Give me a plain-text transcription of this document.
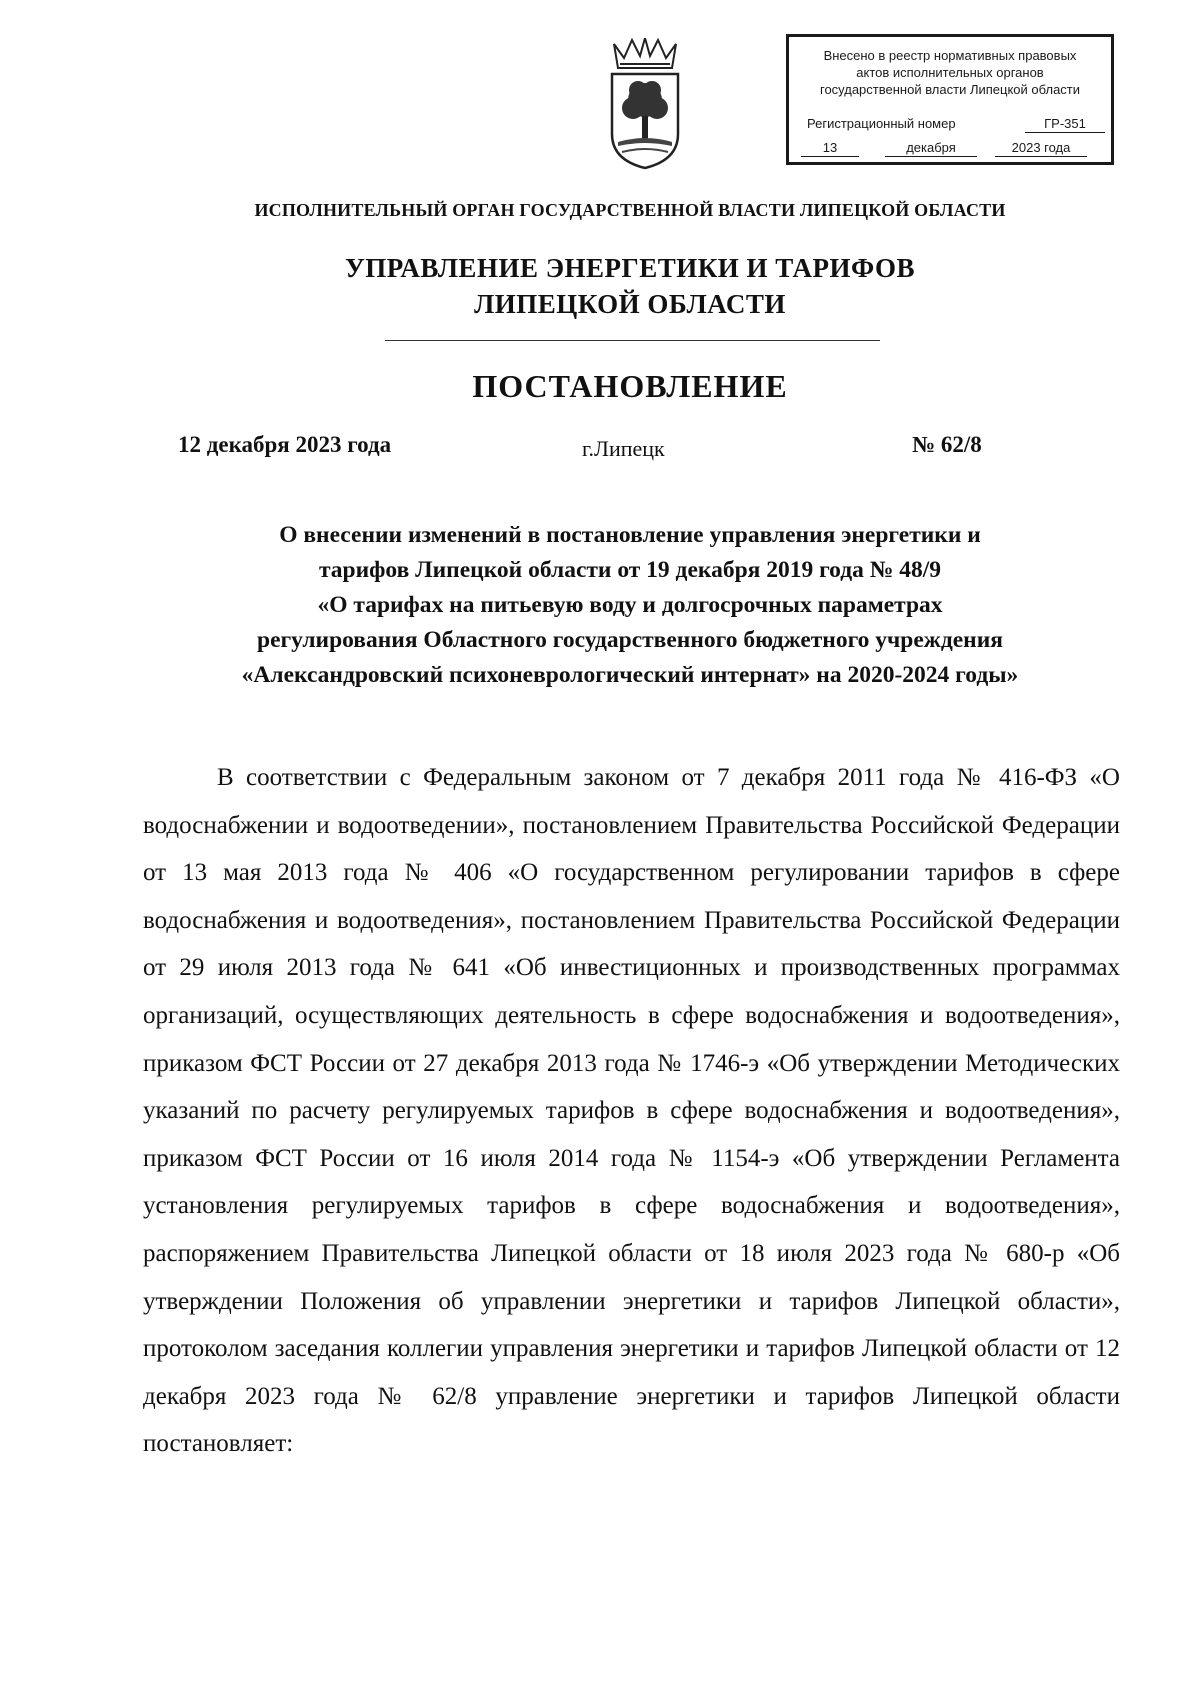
Внесено в реестр нормативных правовых
актов исполнительных органов
государственной власти Липецкой области
Регистрационный номер	ГР-351
13	декабря	2023 года
ИСПОЛНИТЕЛЬНЫЙ ОРГАН ГОСУДАРСТВЕННОЙ ВЛАСТИ ЛИПЕЦКОЙ ОБЛАСТИ
УПРАВЛЕНИЕ ЭНЕРГЕТИКИ И ТАРИФОВ
ЛИПЕЦКОЙ ОБЛАСТИ
ПОСТАНОВЛЕНИЕ
12 декабря 2023 года	г.Липецк	№ 62/8
О внесении изменений в постановление управления энергетики и
тарифов Липецкой области от 19 декабря 2019 года № 48/9
«О тарифах на питьевую воду и долгосрочных параметрах
регулирования Областного государственного бюджетного учреждения
«Александровский психоневрологический интернат» на 2020-2024 годы»

В соответствии с Федеральным законом от 7 декабря 2011 года № 416-ФЗ «О водоснабжении и водоотведении», постановлением Правительства Российской Федерации от 13 мая 2013 года № 406 «О государственном регулировании тарифов в сфере водоснабжения и водоотведения», постановлением Правительства Российской Федерации от 29 июля 2013 года № 641 «Об инвестиционных и производственных программах организаций, осуществляющих деятельность в сфере водоснабжения и водоотведения», приказом ФСТ России от 27 декабря 2013 года № 1746-э «Об утверждении Методических указаний по расчету регулируемых тарифов в сфере водоснабжения и водоотведения», приказом ФСТ России от 16 июля 2014 года № 1154-э «Об утверждении Регламента установления регулируемых тарифов в сфере водоснабжения и водоотведения», распоряжением Правительства Липецкой области от 18 июля 2023 года № 680-р «Об утверждении Положения об управлении энергетики и тарифов Липецкой области», протоколом заседания коллегии управления энергетики и тарифов Липецкой области от 12 декабря 2023 года № 62/8 управление энергетики и тарифов Липецкой области постановляет:
